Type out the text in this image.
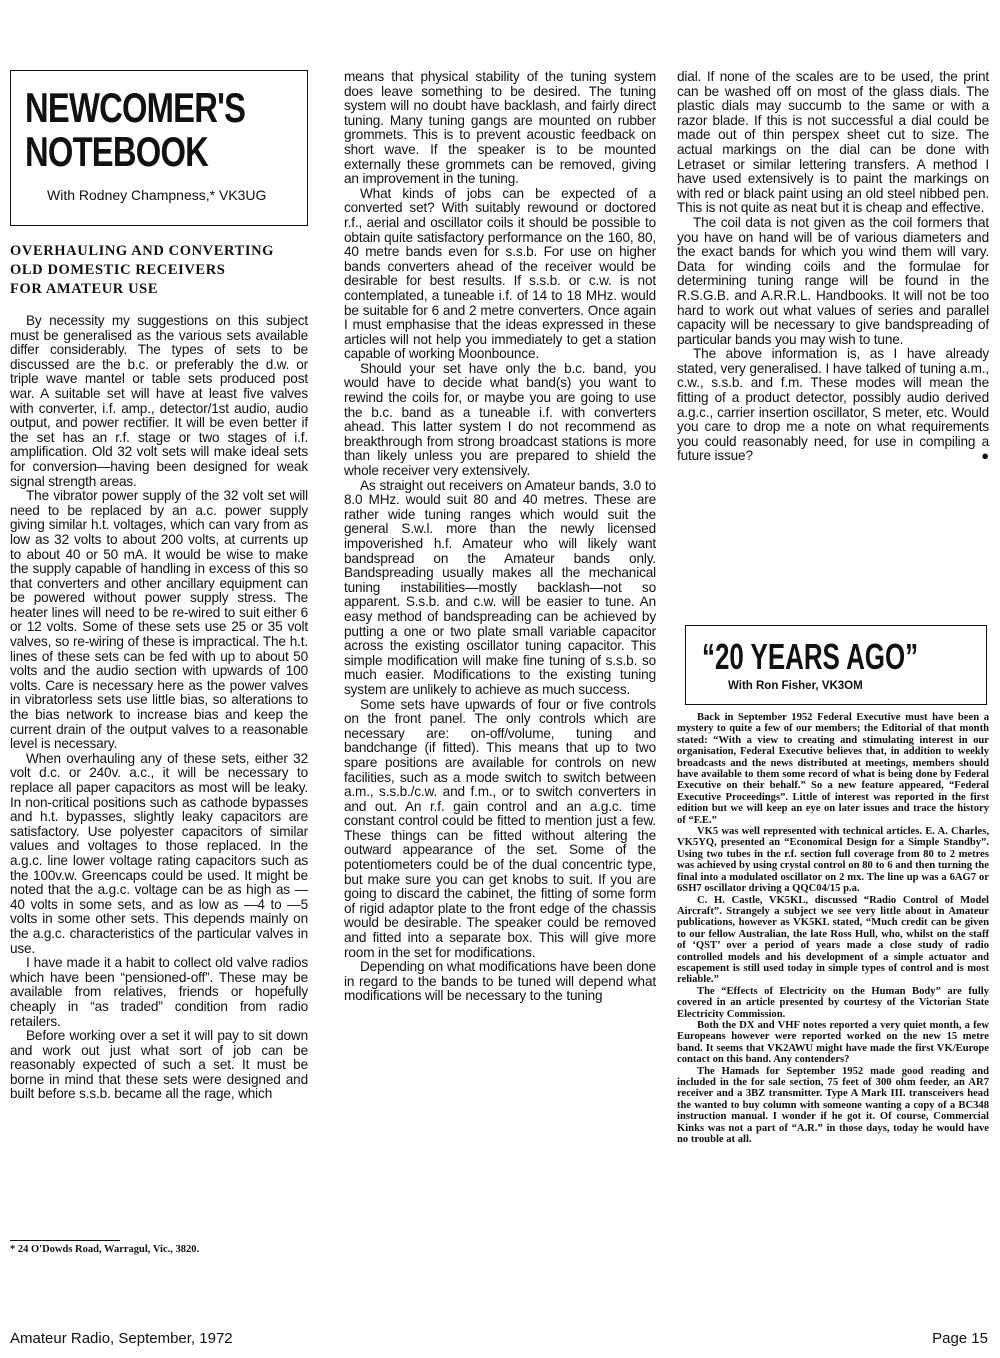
NEWCOMER'S
NOTEBOOK
With Rodney Champness,* VK3UG
OVERHAULING AND CONVERTING
OLD DOMESTIC RECEIVERS
FOR AMATEUR USE

By necessity my suggestions on this subject must be generalised as the various sets available differ considerably. The types of sets to be discussed are the b.c. or preferably the d.w. or triple wave mantel or table sets produced post war. A suitable set will have at least five valves with converter, i.f. amp., detector/1st audio, audio output, and power rectifier. It will be even better if the set has an r.f. stage or two stages of i.f. amplification. Old 32 volt sets will make ideal sets for conversion—having been designed for weak signal strength areas.

The vibrator power supply of the 32 volt set will need to be replaced by an a.c. power supply giving similar h.t. voltages, which can vary from as low as 32 volts to about 200 volts, at currents up to about 40 or 50 mA. It would be wise to make the supply capable of handling in excess of this so that converters and other ancillary equipment can be powered without power supply stress. The heater lines will need to be re-wired to suit either 6 or 12 volts. Some of these sets use 25 or 35 volt valves, so re-wiring of these is impractical. The h.t. lines of these sets can be fed with up to about 50 volts and the audio section with upwards of 100 volts. Care is necessary here as the power valves in vibratorless sets use little bias, so alterations to the bias network to increase bias and keep the current drain of the output valves to a reasonable level is necessary.

When overhauling any of these sets, either 32 volt d.c. or 240v. a.c., it will be necessary to replace all paper capacitors as most will be leaky. In non-critical positions such as cathode bypasses and h.t. bypasses, slightly leaky capacitors are satisfactory. Use polyester capacitors of similar values and voltages to those replaced. In the a.g.c. line lower voltage rating capacitors such as the 100v.w. Greencaps could be used. It might be noted that the a.g.c. voltage can be as high as —40 volts in some sets, and as low as —4 to —5 volts in some other sets. This depends mainly on the a.g.c. characteristics of the particular valves in use.

I have made it a habit to collect old valve radios which have been “pensioned-off”. These may be available from relatives, friends or hopefully cheaply in “as traded” condition from radio retailers.

Before working over a set it will pay to sit down and work out just what sort of job can be reasonably expected of such a set. It must be borne in mind that these sets were designed and built before s.s.b. became all the rage, which

* 24 O'Dowds Road, Warragul, Vic., 3820.

means that physical stability of the tuning system does leave something to be desired. The tuning system will no doubt have backlash, and fairly direct tuning. Many tuning gangs are mounted on rubber grommets. This is to prevent acoustic feedback on short wave. If the speaker is to be mounted externally these grommets can be removed, giving an improvement in the tuning.

What kinds of jobs can be expected of a converted set? With suitably rewound or doctored r.f., aerial and oscillator coils it should be possible to obtain quite satisfactory performance on the 160, 80, 40 metre bands even for s.s.b. For use on higher bands converters ahead of the receiver would be desirable for best results. If s.s.b. or c.w. is not contemplated, a tuneable i.f. of 14 to 18 MHz. would be suitable for 6 and 2 metre converters. Once again I must emphasise that the ideas expressed in these articles will not help you immediately to get a station capable of working Moonbounce.

Should your set have only the b.c. band, you would have to decide what band(s) you want to rewind the coils for, or maybe you are going to use the b.c. band as a tuneable i.f. with converters ahead. This latter system I do not recommend as breakthrough from strong broadcast stations is more than likely unless you are prepared to shield the whole receiver very extensively.

As straight out receivers on Amateur bands, 3.0 to 8.0 MHz. would suit 80 and 40 metres. These are rather wide tuning ranges which would suit the general S.w.l. more than the newly licensed impoverished h.f. Amateur who will likely want bandspread on the Amateur bands only. Bandspreading usually makes all the mechanical tuning instabilities—mostly backlash—not so apparent. S.s.b. and c.w. will be easier to tune. An easy method of bandspreading can be achieved by putting a one or two plate small variable capacitor across the existing oscillator tuning capacitor. This simple modification will make fine tuning of s.s.b. so much easier. Modifications to the existing tuning system are unlikely to achieve as much success.

Some sets have upwards of four or five controls on the front panel. The only controls which are necessary are: on-off/volume, tuning and bandchange (if fitted). This means that up to two spare positions are available for controls on new facilities, such as a mode switch to switch between a.m., s.s.b./c.w. and f.m., or to switch converters in and out. An r.f. gain control and an a.g.c. time constant control could be fitted to mention just a few. These things can be fitted without altering the outward appearance of the set. Some of the potentiometers could be of the dual concentric type, but make sure you can get knobs to suit. If you are going to discard the cabinet, the fitting of some form of rigid adaptor plate to the front edge of the chassis would be desirable. The speaker could be removed and fitted into a separate box. This will give more room in the set for modifications.

Depending on what modifications have been done in regard to the bands to be tuned will depend what modifications will be necessary to the tuning

dial. If none of the scales are to be used, the print can be washed off on most of the glass dials. The plastic dials may succumb to the same or with a razor blade. If this is not successful a dial could be made out of thin perspex sheet cut to size. The actual markings on the dial can be done with Letraset or similar lettering transfers. A method I have used extensively is to paint the markings on with red or black paint using an old steel nibbed pen. This is not quite as neat but it is cheap and effective.

The coil data is not given as the coil formers that you have on hand will be of various diameters and the exact bands for which you wind them will vary. Data for winding coils and the formulae for determining tuning range will be found in the R.S.G.B. and A.R.R.L. Handbooks. It will not be too hard to work out what values of series and parallel capacity will be necessary to give bandspreading of particular bands you may wish to tune.

The above information is, as I have already stated, very generalised. I have talked of tuning a.m., c.w., s.s.b. and f.m. These modes will mean the fitting of a product detector, possibly audio derived a.g.c., carrier insertion oscillator, S meter, etc. Would you care to drop me a note on what requirements you could reasonably need, for use in compiling a future issue?	●

“20 YEARS AGO”
With Ron Fisher, VK3OM

Back in September 1952 Federal Executive must have been a mystery to quite a few of our members; the Editorial of that month stated: “With a view to creating and stimulating interest in our organisation, Federal Executive believes that, in addition to weekly broadcasts and the news distributed at meetings, members should have available to them some record of what is being done by Federal Executive on their behalf.” So a new feature appeared, “Federal Executive Proceedings”. Little of interest was reported in the first edition but we will keep an eye on later issues and trace the history of “F.E.”

VK5 was well represented with technical articles. E. A. Charles, VK5YQ, presented an “Economical Design for a Simple Standby”. Using two tubes in the r.f. section full coverage from 80 to 2 metres was achieved by using crystal control on 80 to 6 and then turning the final into a modulated oscillator on 2 mx. The line up was a 6AG7 or 6SH7 oscillator driving a QQC04/15 p.a.

C. H. Castle, VK5KL, discussed “Radio Control of Model Aircraft”. Strangely a subject we see very little about in Amateur publications, however as VK5KL stated, “Much credit can be given to our fellow Australian, the late Ross Hull, who, whilst on the staff of ‘QST’ over a period of years made a close study of radio controlled models and his development of a simple actuator and escapement is still used today in simple types of control and is most reliable.”

The “Effects of Electricity on the Human Body” are fully covered in an article presented by courtesy of the Victorian State Electricity Commission.

Both the DX and VHF notes reported a very quiet month, a few Europeans however were reported worked on the new 15 metre band. It seems that VK2AWU might have made the first VK/Europe contact on this band. Any contenders?

The Hamads for September 1952 made good reading and included in the for sale section, 75 feet of 300 ohm feeder, an AR7 receiver and a 3BZ transmitter. Type A Mark III. transceivers head the wanted to buy column with someone wanting a copy of a BC348 instruction manual. I wonder if he got it. Of course, Commercial Kinks was not a part of “A.R.” in those days, today he would have no trouble at all.

Amateur Radio, September, 1972	Page 15
